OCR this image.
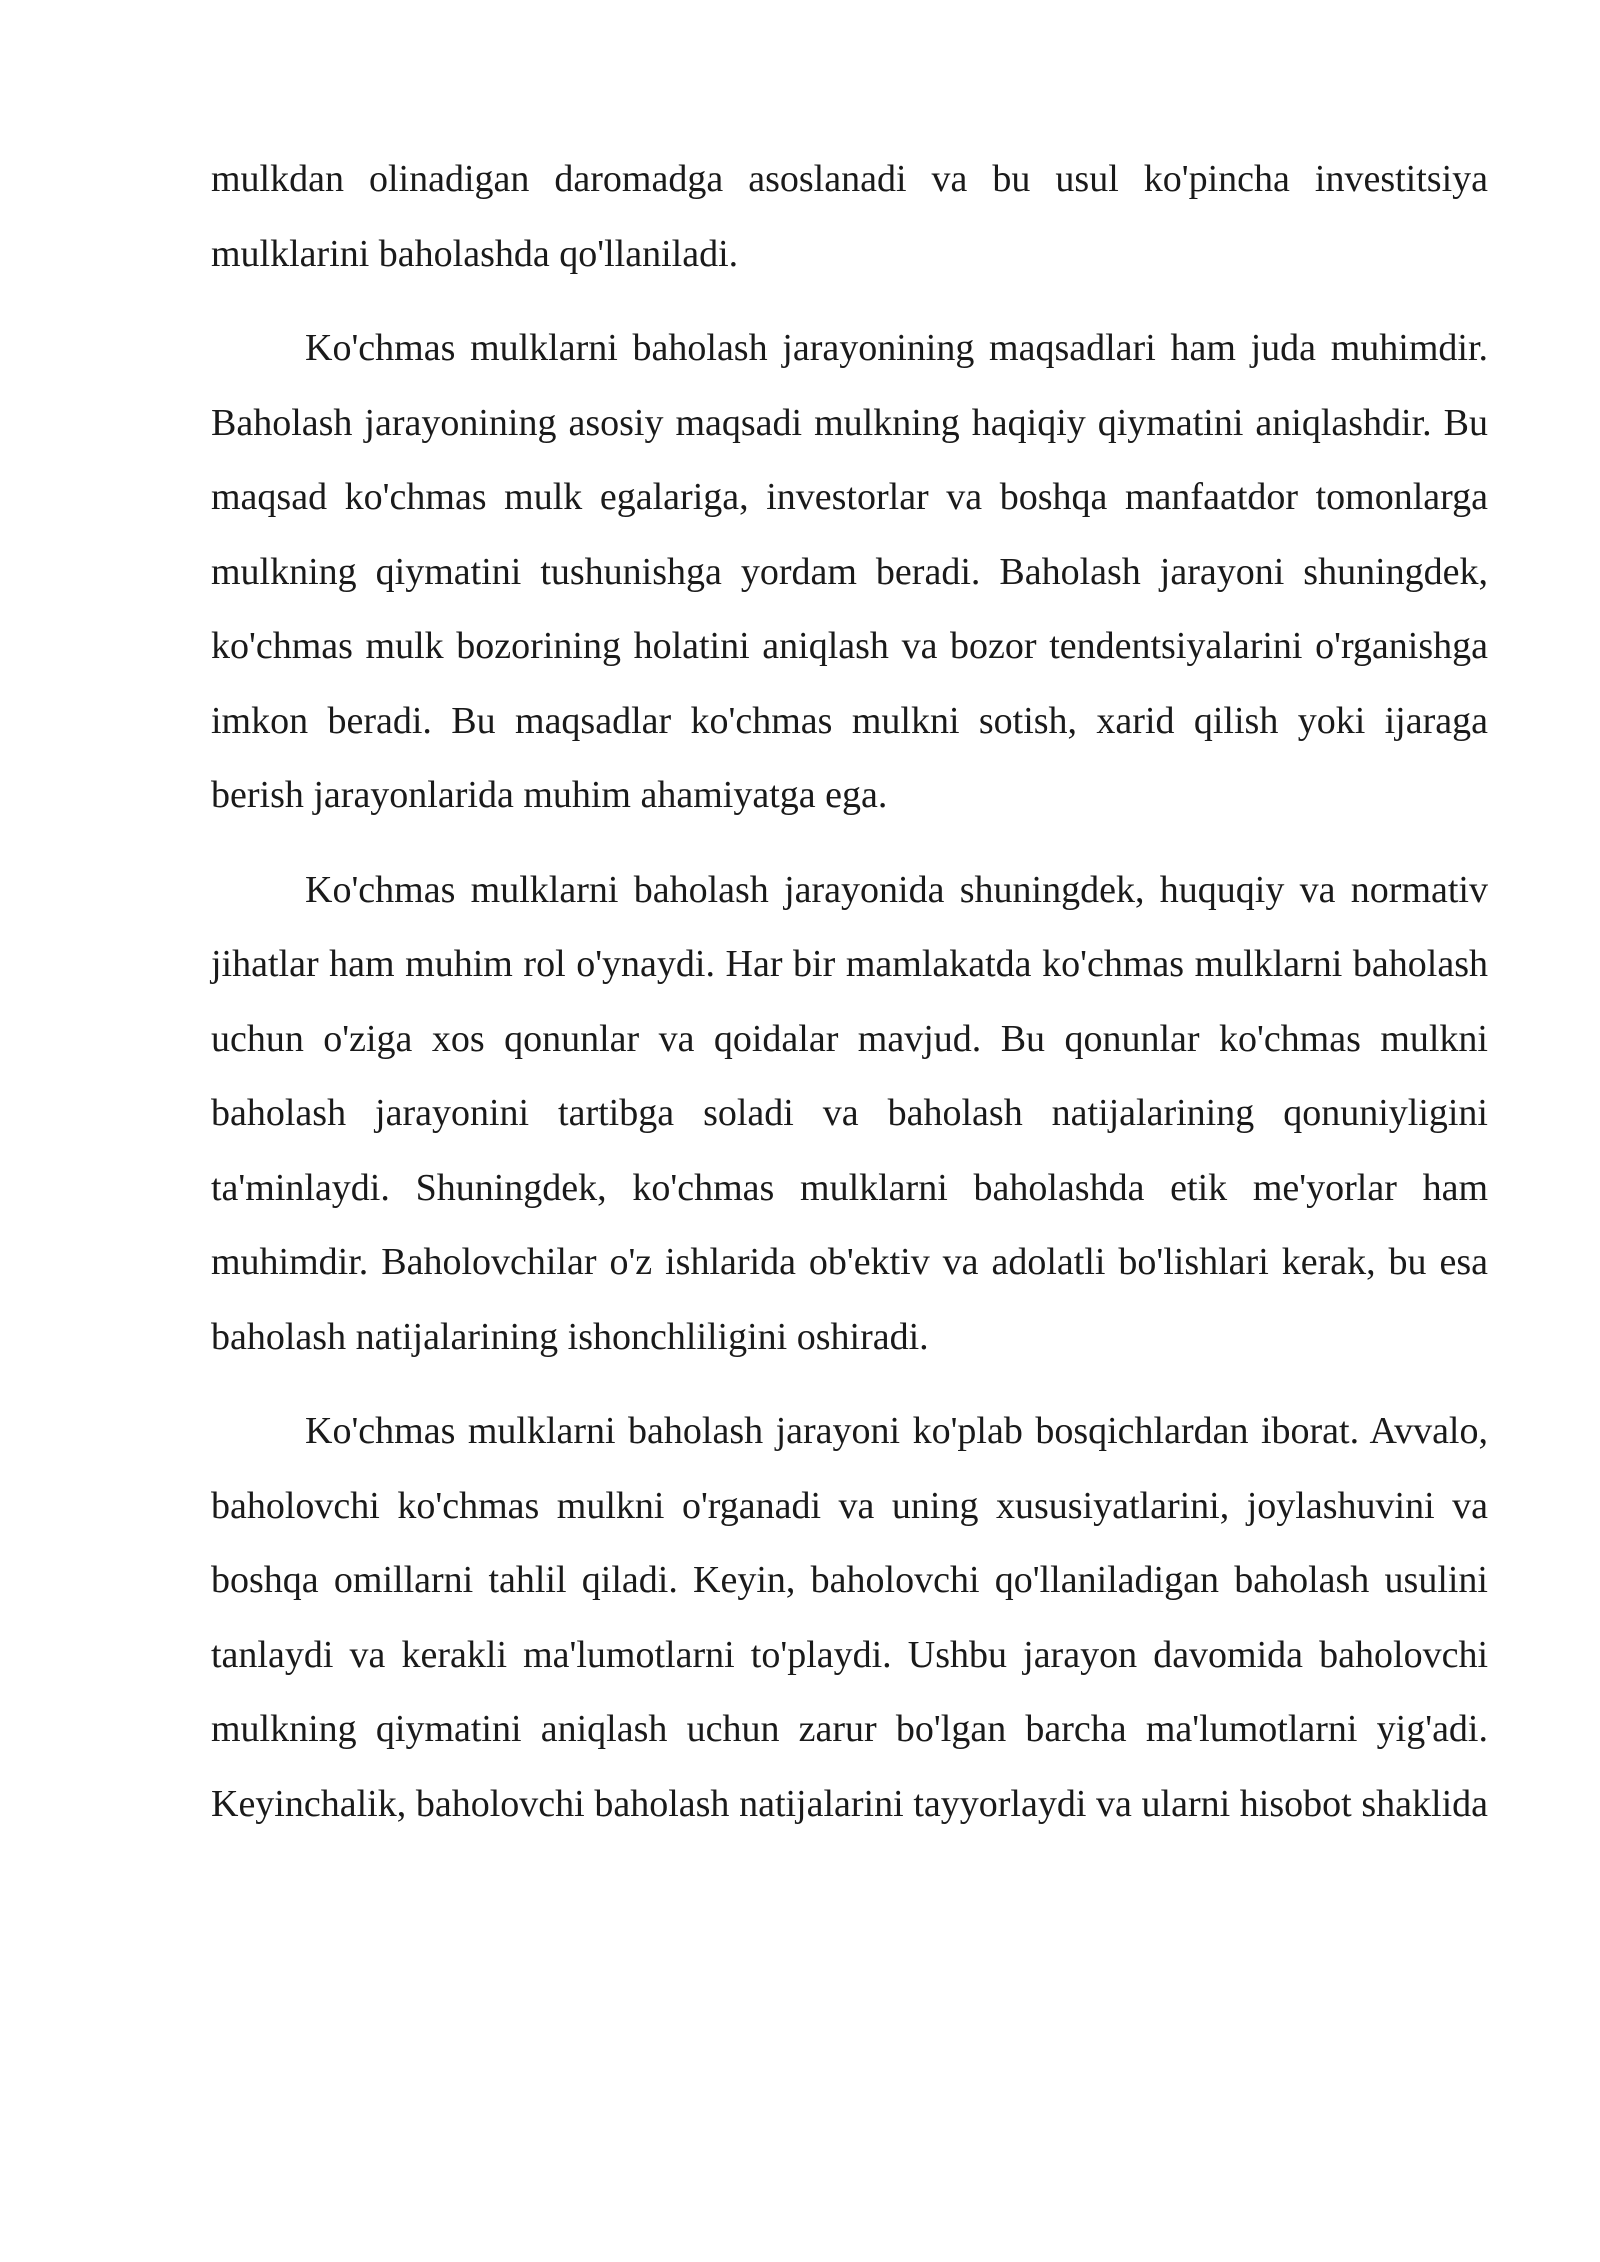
mulkdan olinadigan daromadga asoslanadi va bu usul ko'pincha investitsiya mulklarini baholashda qo'llaniladi.

Ko'chmas mulklarni baholash jarayonining maqsadlari ham juda muhimdir. Baholash jarayonining asosiy maqsadi mulkning haqiqiy qiymatini aniqlashdir. Bu maqsad ko'chmas mulk egalariga, investorlar va boshqa manfaatdor tomonlarga mulkning qiymatini tushunishga yordam beradi. Baholash jarayoni shuningdek, ko'chmas mulk bozorining holatini aniqlash va bozor tendentsiyalarini o'rganishga imkon beradi. Bu maqsadlar ko'chmas mulkni sotish, xarid qilish yoki ijaraga berish jarayonlarida muhim ahamiyatga ega.

Ko'chmas mulklarni baholash jarayonida shuningdek, huquqiy va normativ jihatlar ham muhim rol o'ynaydi. Har bir mamlakatda ko'chmas mulklarni baholash uchun o'ziga xos qonunlar va qoidalar mavjud. Bu qonunlar ko'chmas mulkni baholash jarayonini tartibga soladi va baholash natijalarining qonuniyligini ta'minlaydi. Shuningdek, ko'chmas mulklarni baholashda etik me'yorlar ham muhimdir. Baholovchilar o'z ishlarida ob'ektiv va adolatli bo'lishlari kerak, bu esa baholash natijalarining ishonchliligini oshiradi.

Ko'chmas mulklarni baholash jarayoni ko'plab bosqichlardan iborat. Avvalo, baholovchi ko'chmas mulkni o'rganadi va uning xususiyatlarini, joylashuvini va boshqa omillarni tahlil qiladi. Keyin, baholovchi qo'llaniladigan baholash usulini tanlaydi va kerakli ma'lumotlarni to'playdi. Ushbu jarayon davomida baholovchi mulkning qiymatini aniqlash uchun zarur bo'lgan barcha ma'lumotlarni yig'adi. Keyinchalik, baholovchi baholash natijalarini tayyorlaydi va ularni hisobot shaklida
